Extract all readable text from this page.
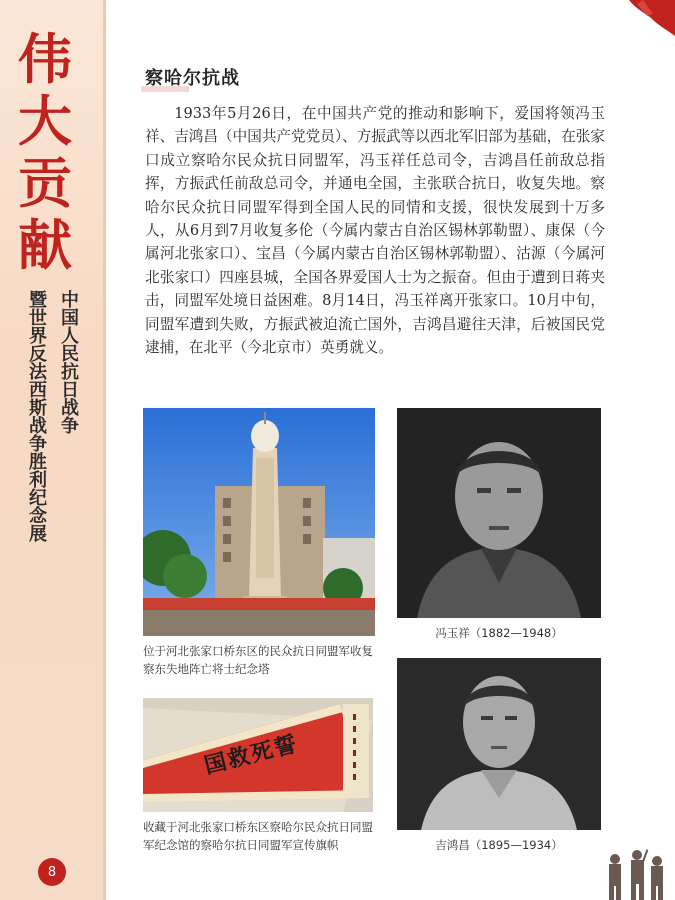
伟
大
贡
献
中国人民抗日战争
暨世界反法西斯战争胜利纪念展
8
察哈尔抗战
1933年5月26日，在中国共产党的推动和影响下，爱国将领冯玉祥、吉鸿昌（中国共产党党员）、方振武等以西北军旧部为基础，在张家口成立察哈尔民众抗日同盟军，冯玉祥任总司令，吉鸿昌任前敌总指挥，方振武任前敌总司令，并通电全国，主张联合抗日，收复失地。察哈尔民众抗日同盟军得到全国人民的同情和支援，很快发展到十万多人，从6月到7月收复多伦（今属内蒙古自治区锡林郭勒盟）、康保（今属河北张家口）、宝昌（今属内蒙古自治区锡林郭勒盟）、沽源（今属河北张家口）四座县城，全国各界爱国人士为之振奋。但由于遭到日蒋夹击，同盟军处境日益困难。8月14日，冯玉祥离开张家口。10月中旬，同盟军遭到失败，方振武被迫流亡国外，吉鸿昌避往天津，后被国民党逮捕，在北平（今北京市）英勇就义。
位于河北张家口桥东区的民众抗日同盟军收复察东失地阵亡将士纪念塔
冯玉祥（1882—1948）
誓死救国
收藏于河北张家口桥东区察哈尔民众抗日同盟军纪念馆的察哈尔抗日同盟军宣传旗帜	吉鸿昌（1895—1934）
